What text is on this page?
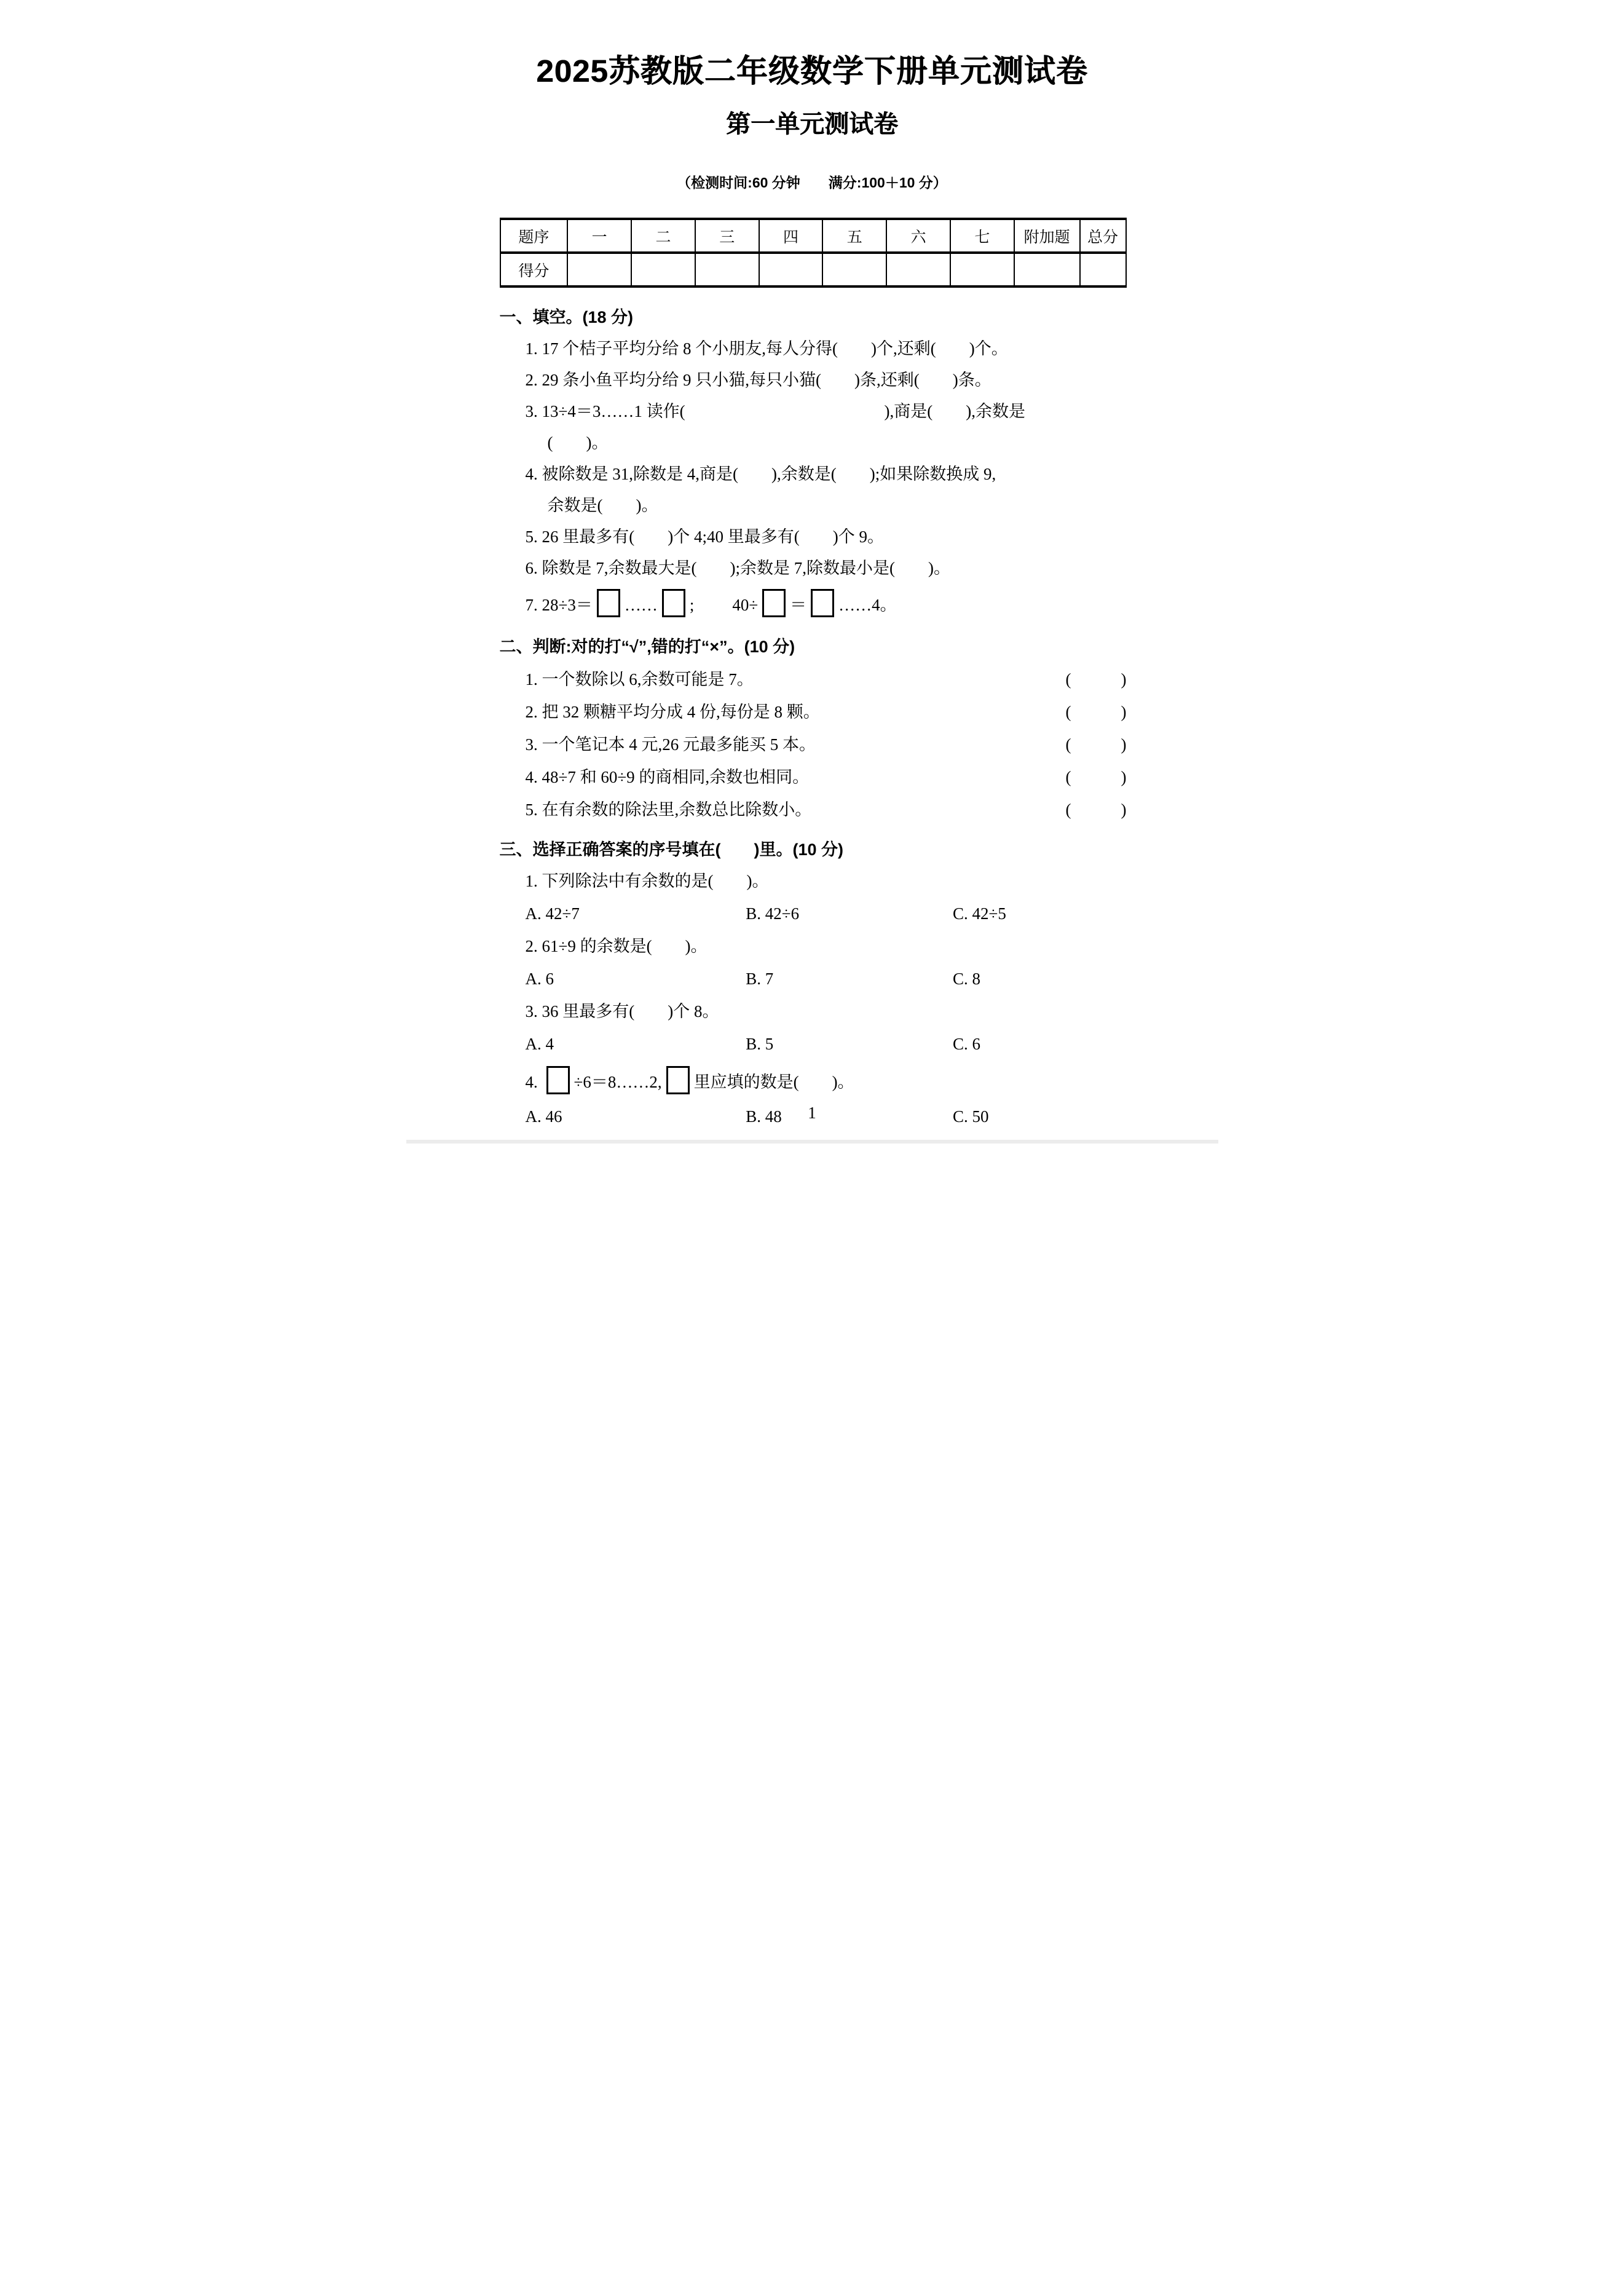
2025苏教版二年级数学下册单元测试卷
第一单元测试卷
（检测时间:60 分钟　　满分:100＋10 分）
题序	一	二	三	四	五	六	七	附加题	总分
得分									
一、填空。(18 分)
1. 17 个桔子平均分给 8 个小朋友,每人分得(　　)个,还剩(　　)个。
2. 29 条小鱼平均分给 9 只小猫,每只小猫(　　)条,还剩(　　)条。
3. 13÷4＝3……1 读作(　　　　　　　　　　　　),商是(　　),余数是
(　　)。
4. 被除数是 31,除数是 4,商是(　　),余数是(　　);如果除数换成 9,
余数是(　　)。
5. 26 里最多有(　　)个 4;40 里最多有(　　)个 9。
6. 除数是 7,余数最大是(　　);余数是 7,除数最小是(　　)。
7. 28÷3＝ …… ; 40÷ ＝ ……4。
二、判断:对的打“√”,错的打“×”。(10 分)
1. 一个数除以 6,余数可能是 7。	(　　　)
2. 把 32 颗糖平均分成 4 份,每份是 8 颗。	(　　　)
3. 一个笔记本 4 元,26 元最多能买 5 本。	(　　　)
4. 48÷7 和 60÷9 的商相同,余数也相同。	(　　　)
5. 在有余数的除法里,余数总比除数小。	(　　　)
三、选择正确答案的序号填在(　　)里。(10 分)
1. 下列除法中有余数的是(　　)。
A. 42÷7	B. 42÷6	C. 42÷5
2. 61÷9 的余数是(　　)。
A. 6	B. 7	C. 8
3. 36 里最多有(　　)个 8。
A. 4	B. 5	C. 6
4. ÷6＝8……2, 里应填的数是(　　)。
A. 46	B. 48	C. 50
1
